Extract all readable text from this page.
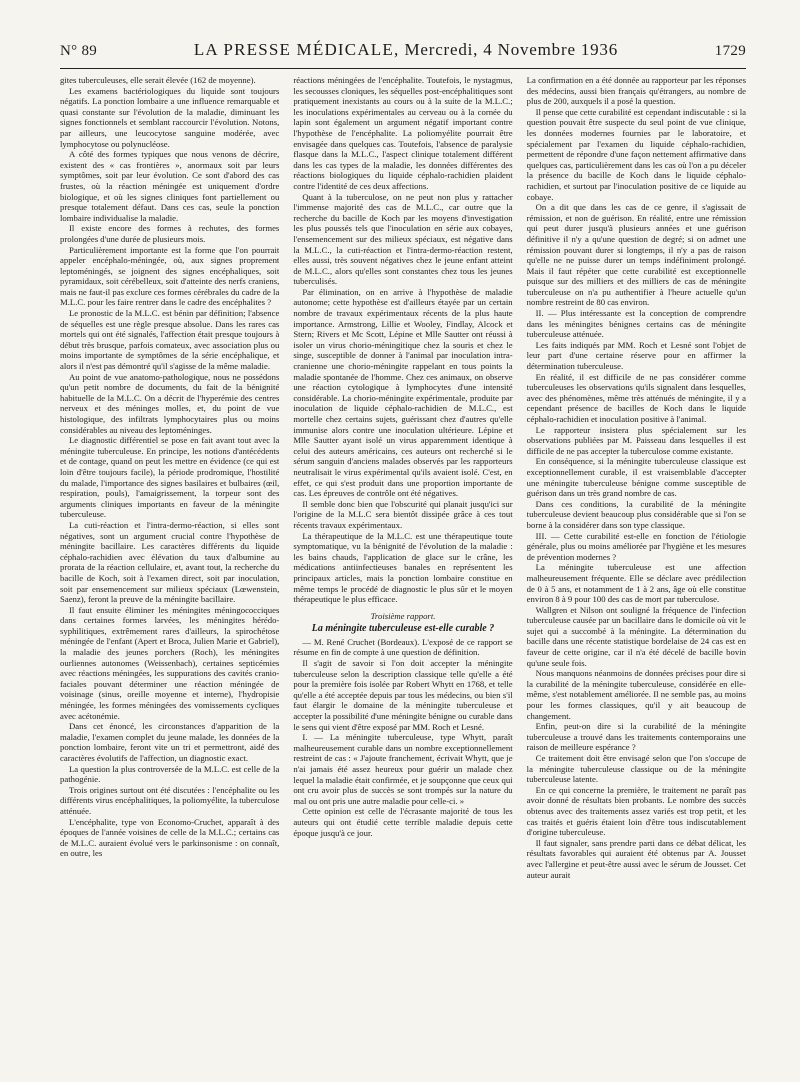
N° 89	LA PRESSE MÉDICALE, Mercredi, 4 Novembre 1936	1729

gites tuberculeuses, elle serait élevée (162 de moyenne).

Les examens bactériologiques du liquide sont toujours négatifs. La ponction lombaire a une influence remarquable et quasi constante sur l'évolution de la maladie, diminuant les signes fonctionnels et semblant raccourcir l'évolution. Notons, par ailleurs, une leucocytose sanguine modérée, avec lymphocytose ou polynucléose.

A côté des formes typiques que nous venons de décrire, existent des « cas frontières », anormaux soit par leurs symptômes, soit par leur évolution. Ce sont d'abord des cas frustes, où la réaction méningée est uniquement d'ordre biologique, et où les signes cliniques font partiellement ou presque totalement défaut. Dans ces cas, seule la ponction lombaire individualise la maladie.

Il existe encore des formes à rechutes, des formes prolongées d'une durée de plusieurs mois.

Particulièrement importante est la forme que l'on pourrait appeler encéphalo-méningée, où, aux signes proprement leptoméningés, se joignent des signes encéphaliques, soit pyramidaux, soit cérébelleux, soit d'atteinte des nerfs craniens, mais ne faut-il pas exclure ces formes cérébrales du cadre de la M.L.C. pour les faire rentrer dans le cadre des encéphalites ?

Le pronostic de la M.L.C. est bénin par définition; l'absence de séquelles est une règle presque absolue. Dans les rares cas mortels qui ont été signalés, l'affection était presque toujours à début très brusque, parfois comateux, avec association plus ou moins importante de symptômes de la série encéphalique, et alors il n'est pas démontré qu'il s'agisse de la même maladie.

Au point de vue anatomo-pathologique, nous ne possédons qu'un petit nombre de documents, du fait de la bénignité habituelle de la M.L.C. On a décrit de l'hyperémie des centres nerveux et des méninges molles, et, du point de vue histologique, des infiltrats lymphocytaires plus ou moins considérables au niveau des leptoméninges.

Le diagnostic différentiel se pose en fait avant tout avec la méningite tuberculeuse. En principe, les notions d'antécédents et de contage, quand on peut les mettre en évidence (ce qui est loin d'être toujours facile), la période prodromique, l'hostilité du malade, l'importance des signes basilaires et bulbaires (œil, respiration, pouls), l'amaigrissement, la torpeur sont des arguments cliniques importants en faveur de la méningite tuberculeuse.

La cuti-réaction et l'intra-dermo-réaction, si elles sont négatives, sont un argument crucial contre l'hypothèse de méningite bacillaire. Les caractères différents du liquide céphalo-rachidien avec élévation du taux d'albumine au prorata de la réaction cellulaire, et, avant tout, la recherche du bacille de Koch, soit à l'examen direct, soit par inoculation, soit par ensemencement sur milieux spéciaux (Lœwenstein, Saenz), feront la preuve de la méningite bacillaire.

Il faut ensuite éliminer les méningites méningococciques dans certaines formes larvées, les méningites hérédo-syphilitiques, extrêmement rares d'ailleurs, la spirochétose méningée de l'enfant (Apert et Broca, Julien Marie et Gabriel), la maladie des jeunes porchers (Roch), les méningites ourliennes autonomes (Weissenbach), certaines septicémies avec réactions méningées, les suppurations des cavités cranio-faciales pouvant déterminer une réaction méningée de voisinage (sinus, oreille moyenne et interne), l'hydropisie méningée, les formes méningées des vomissements cycliques avec acétonémie.

Dans cet énoncé, les circonstances d'apparition de la maladie, l'examen complet du jeune malade, les données de la ponction lombaire, feront vite un tri et permettront, aidé des caractères évolutifs de l'affection, un diagnostic exact.

La question la plus controversée de la M.L.C. est celle de la pathogénie.

Trois origines surtout ont été discutées : l'encéphalite ou les différents virus encéphalitiques, la poliomyélite, la tuberculose atténuée.

L'encéphalite, type von Economo-Cruchet, apparaît à des époques de l'année voisines de celle de la M.L.C.; certains cas de M.L.C. auraient évolué vers le parkinsonisme : on connaît, en outre, les

réactions méningées de l'encéphalite. Toutefois, le nystagmus, les secousses cloniques, les séquelles post-encéphalitiques sont pratiquement inexistants au cours ou à la suite de la M.L.C.; les inoculations expérimentales au cerveau ou à la cornée du lapin sont également un argument négatif important contre l'hypothèse de l'encéphalite. La poliomyélite pourrait être envisagée dans quelques cas. Toutefois, l'absence de paralysie flasque dans la M.L.C., l'aspect clinique totalement différent dans les cas types de la maladie, les données différentes des réactions biologiques du liquide céphalo-rachidien plaident contre l'identité de ces deux affections.

Quant à la tuberculose, on ne peut non plus y rattacher l'immense majorité des cas de M.L.C., car outre que la recherche du bacille de Koch par les moyens d'investigation les plus poussés tels que l'inoculation en série aux cobayes, l'ensemencement sur des milieux spéciaux, est négative dans la M.L.C., la cuti-réaction et l'intra-dermo-réaction restent, elles aussi, très souvent négatives chez le jeune enfant atteint de M.L.C., alors qu'elles sont constantes chez tous les jeunes tuberculisés.

Par élimination, on en arrive à l'hypothèse de maladie autonome; cette hypothèse est d'ailleurs étayée par un certain nombre de travaux expérimentaux récents de la plus haute importance. Armstrong, Lillie et Wooley, Findlay, Alcock et Stern; Rivers et Mc Scott, Lépine et Mlle Sautter ont réussi à isoler un virus chorio-méningitique chez la souris et chez le singe, susceptible de donner à l'animal par inoculation intra-cranienne une chorio-méningite rappelant en tous points la maladie spontanée de l'homme. Chez ces animaux, on observe une réaction cytologique à lymphocytes d'une intensité considérable. La chorio-méningite expérimentale, produite par inoculation de liquide céphalo-rachidien de M.L.C., est mortelle chez certains sujets, guérissant chez d'autres qu'elle immunise alors contre une inoculation ultérieure. Lépine et Mlle Sautter ayant isolé un virus apparemment identique à celui des auteurs américains, ces auteurs ont recherché si le sérum sanguin d'anciens malades observés par les rapporteurs neutralisait le virus expérimental qu'ils avaient isolé. C'est, en effet, ce qui s'est produit dans une proportion importante de cas. Les épreuves de contrôle ont été négatives.

Il semble donc bien que l'obscurité qui planait jusqu'ici sur l'origine de la M.L.C sera bientôt dissipée grâce à ces tout récents travaux expérimentaux.

La thérapeutique de la M.L.C. est une thérapeutique toute symptomatique, vu la bénignité de l'évolution de la maladie : les bains chauds, l'application de glace sur le crâne, les médications antiinfectieuses banales en représentent les principaux articles, mais la ponction lombaire constitue en même temps le procédé de diagnostic le plus sûr et le moyen thérapeutique le plus efficace.

Troisième rapport.

La méningite tuberculeuse est-elle curable ?

— M. René Cruchet (Bordeaux). L'exposé de ce rapport se résume en fin de compte à une question de définition.

Il s'agit de savoir si l'on doit accepter la méningite tuberculeuse selon la description classique telle qu'elle a été pour la première fois isolée par Robert Whytt en 1768, et telle qu'elle a été acceptée depuis par tous les médecins, ou bien s'il faut élargir le domaine de la méningite tuberculeuse et accepter la possibilité d'une méningite bénigne ou curable dans le sens qui vient d'être exposé par MM. Roch et Lesné.

I. — La méningite tuberculeuse, type Whytt, paraît malheureusement curable dans un nombre exceptionnellement restreint de cas : « J'ajoute franchement, écrivait Whytt, que je n'ai jamais été assez heureux pour guérir un malade chez lequel la maladie était confirmée, et je soupçonne que ceux qui ont cru avoir plus de succès se sont trompés sur la nature du mal ou ont pris une autre maladie pour celle-ci. »

Cette opinion est celle de l'écrasante majorité de tous les auteurs qui ont étudié cette terrible maladie depuis cette époque jusqu'à ce jour.

La confirmation en a été donnée au rapporteur par les réponses des médecins, aussi bien français qu'étrangers, au nombre de plus de 200, auxquels il a posé la question.

Il pense que cette curabilité est cependant indiscutable : si la question pouvait être suspecte du seul point de vue clinique, les données modernes fournies par le laboratoire, et spécialement par l'examen du liquide céphalo-rachidien, permettent de répondre d'une façon nettement affirmative dans quelques cas, particulièrement dans les cas où l'on a pu déceler la présence du bacille de Koch dans le liquide céphalo-rachidien, et surtout par l'inoculation positive de ce liquide au cobaye.

On a dit que dans les cas de ce genre, il s'agissait de rémission, et non de guérison. En réalité, entre une rémission qui peut durer jusqu'à plusieurs années et une guérison définitive il n'y a qu'une question de degré; si on admet une rémission pouvant durer si longtemps, il n'y a pas de raison qu'elle ne ne puisse durer un temps indéfiniment prolongé. Mais il faut répéter que cette curabilité est exceptionnelle puisque sur des milliers et des milliers de cas de méningite tuberculeuse on n'a pu authentifier à l'heure actuelle qu'un nombre restreint de 80 cas environ.

II. — Plus intéressante est la conception de comprendre dans les méningites bénignes certains cas de méningite tuberculeuse atténuée.

Les faits indiqués par MM. Roch et Lesné sont l'objet de leur part d'une certaine réserve pour en affirmer la détermination tuberculeuse.

En réalité, il est difficile de ne pas considérer comme tuberculeuses les observations qu'ils signalent dans lesquelles, avec des phénomènes, même très atténués de méningite, il y a cependant présence de bacilles de Koch dans le liquide céphalo-rachidien et inoculation positive à l'animal.

Le rapporteur insistera plus spécialement sur les observations publiées par M. Paisseau dans lesquelles il est difficile de ne pas accepter la tuberculose comme existante.

En conséquence, si la méningite tuberculeuse classique est exceptionnellement curable, il est vraisemblable d'accepter une méningite tuberculeuse bénigne comme susceptible de guérison dans un très grand nombre de cas.

Dans ces conditions, la curabilité de la méningite tuberculeuse devient beaucoup plus considérable que si l'on se borne à la considérer dans son type classique.

III. — Cette curabilité est-elle en fonction de l'étiologie générale, plus ou moins améliorée par l'hygiène et les mesures de prévention modernes ?

La méningite tuberculeuse est une affection malheureusement fréquente. Elle se déclare avec prédilection de 0 à 5 ans, et notamment de 1 à 2 ans, âge où elle constitue environ 8 à 9 pour 100 des cas de mort par tuberculose.

Wallgren et Nilson ont souligné la fréquence de l'infection tuberculeuse causée par un bacillaire dans le domicile où vit le sujet qui a succombé à la méningite. La détermination du bacille dans une récente statistique bordelaise de 24 cas est en faveur de cette origine, car il n'a été décelé de bacille bovin qu'une seule fois.

Nous manquons néanmoins de données précises pour dire si la curabilité de la méningite tuberculeuse, considérée en elle-même, s'est notablement améliorée. Il ne semble pas, au moins pour les formes classiques, qu'il y ait beaucoup de changement.

Enfin, peut-on dire si la curabilité de la méningite tuberculeuse a trouvé dans les traitements contemporains une raison de meilleure espérance ?

Ce traitement doit être envisagé selon que l'on s'occupe de la méningite tuberculeuse classique ou de la méningite tuberculeuse latente.

En ce qui concerne la première, le traitement ne paraît pas avoir donné de résultats bien probants. Le nombre des succès obtenus avec des traitements assez variés est trop petit, et les cas traités et guéris étaient loin d'être tous indiscutablement d'origine tuberculeuse.

Il faut signaler, sans prendre parti dans ce débat délicat, les résultats favorables qui auraient été obtenus par A. Jousset avec l'allergine et peut-être aussi avec le sérum de Jousset. Cet auteur aurait
